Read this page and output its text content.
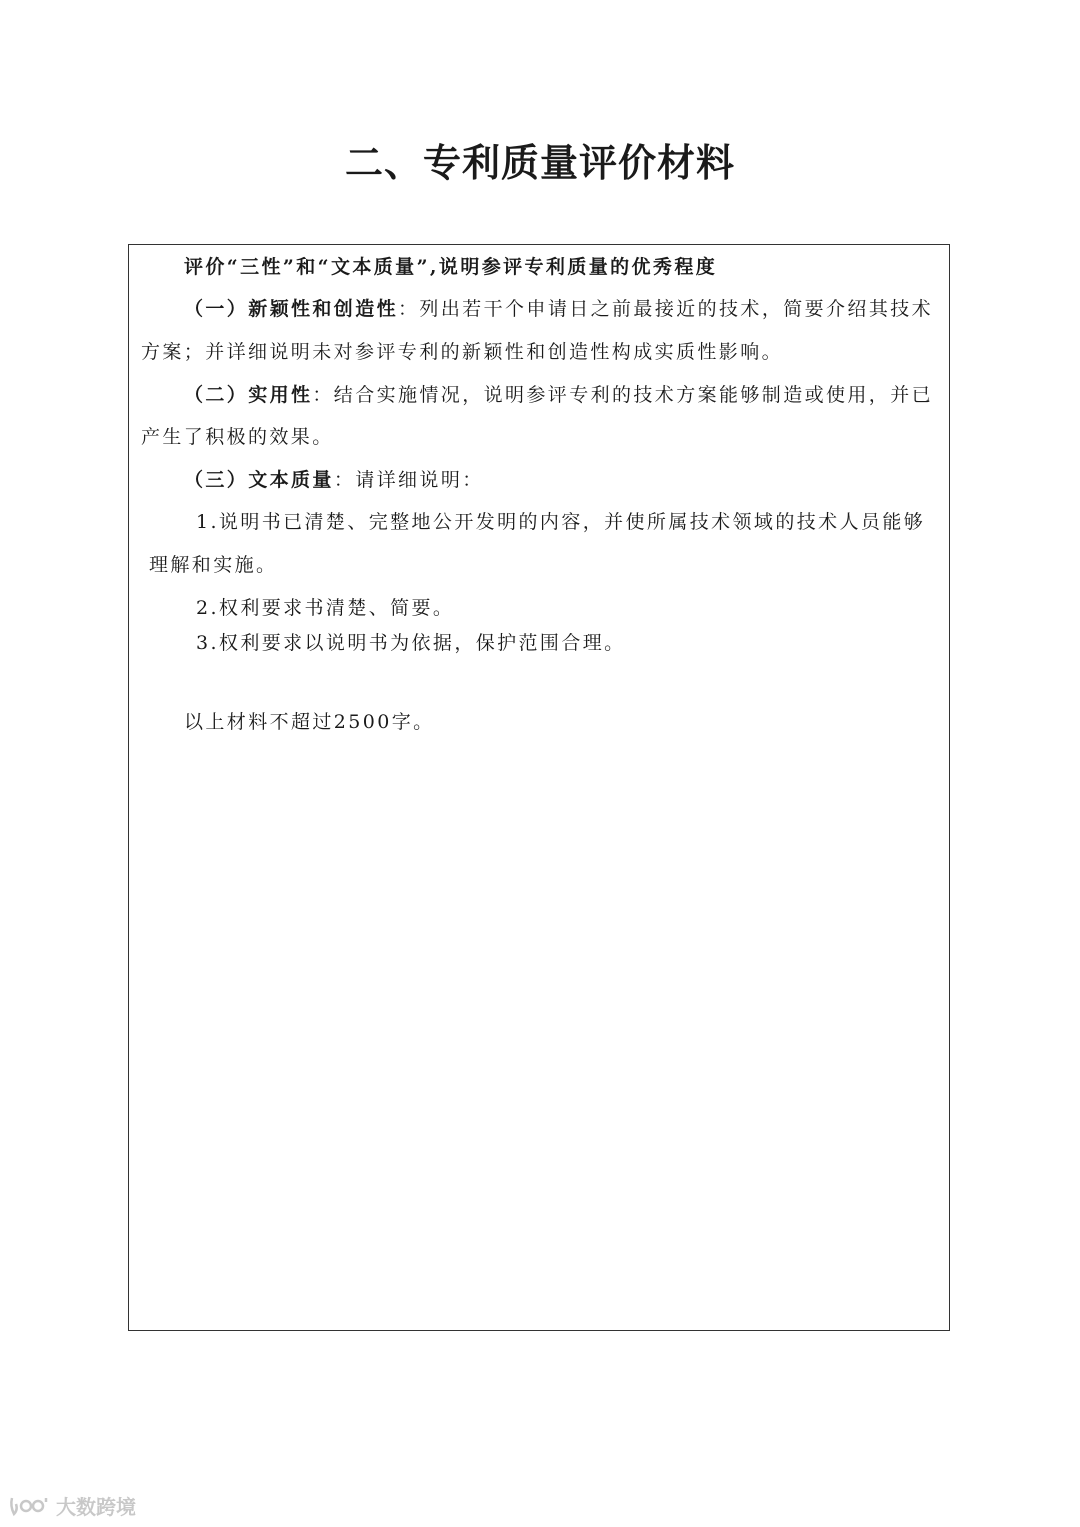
二、专利质量评价材料
评价“三性”和“文本质量”,说明参评专利质量的优秀程度
（一）新颖性和创造性：列出若干个申请日之前最接近的技术，简要介绍其技术
方案；并详细说明未对参评专利的新颖性和创造性构成实质性影响。
（二）实用性：结合实施情况，说明参评专利的技术方案能够制造或使用，并已
产生了积极的效果。
（三）文本质量：请详细说明：
1.说明书已清楚、完整地公开发明的内容，并使所属技术领域的技术人员能够
理解和实施。
2.权利要求书清楚、简要。
3.权利要求以说明书为依据，保护范围合理。
以上材料不超过2500字。
大数跨境
